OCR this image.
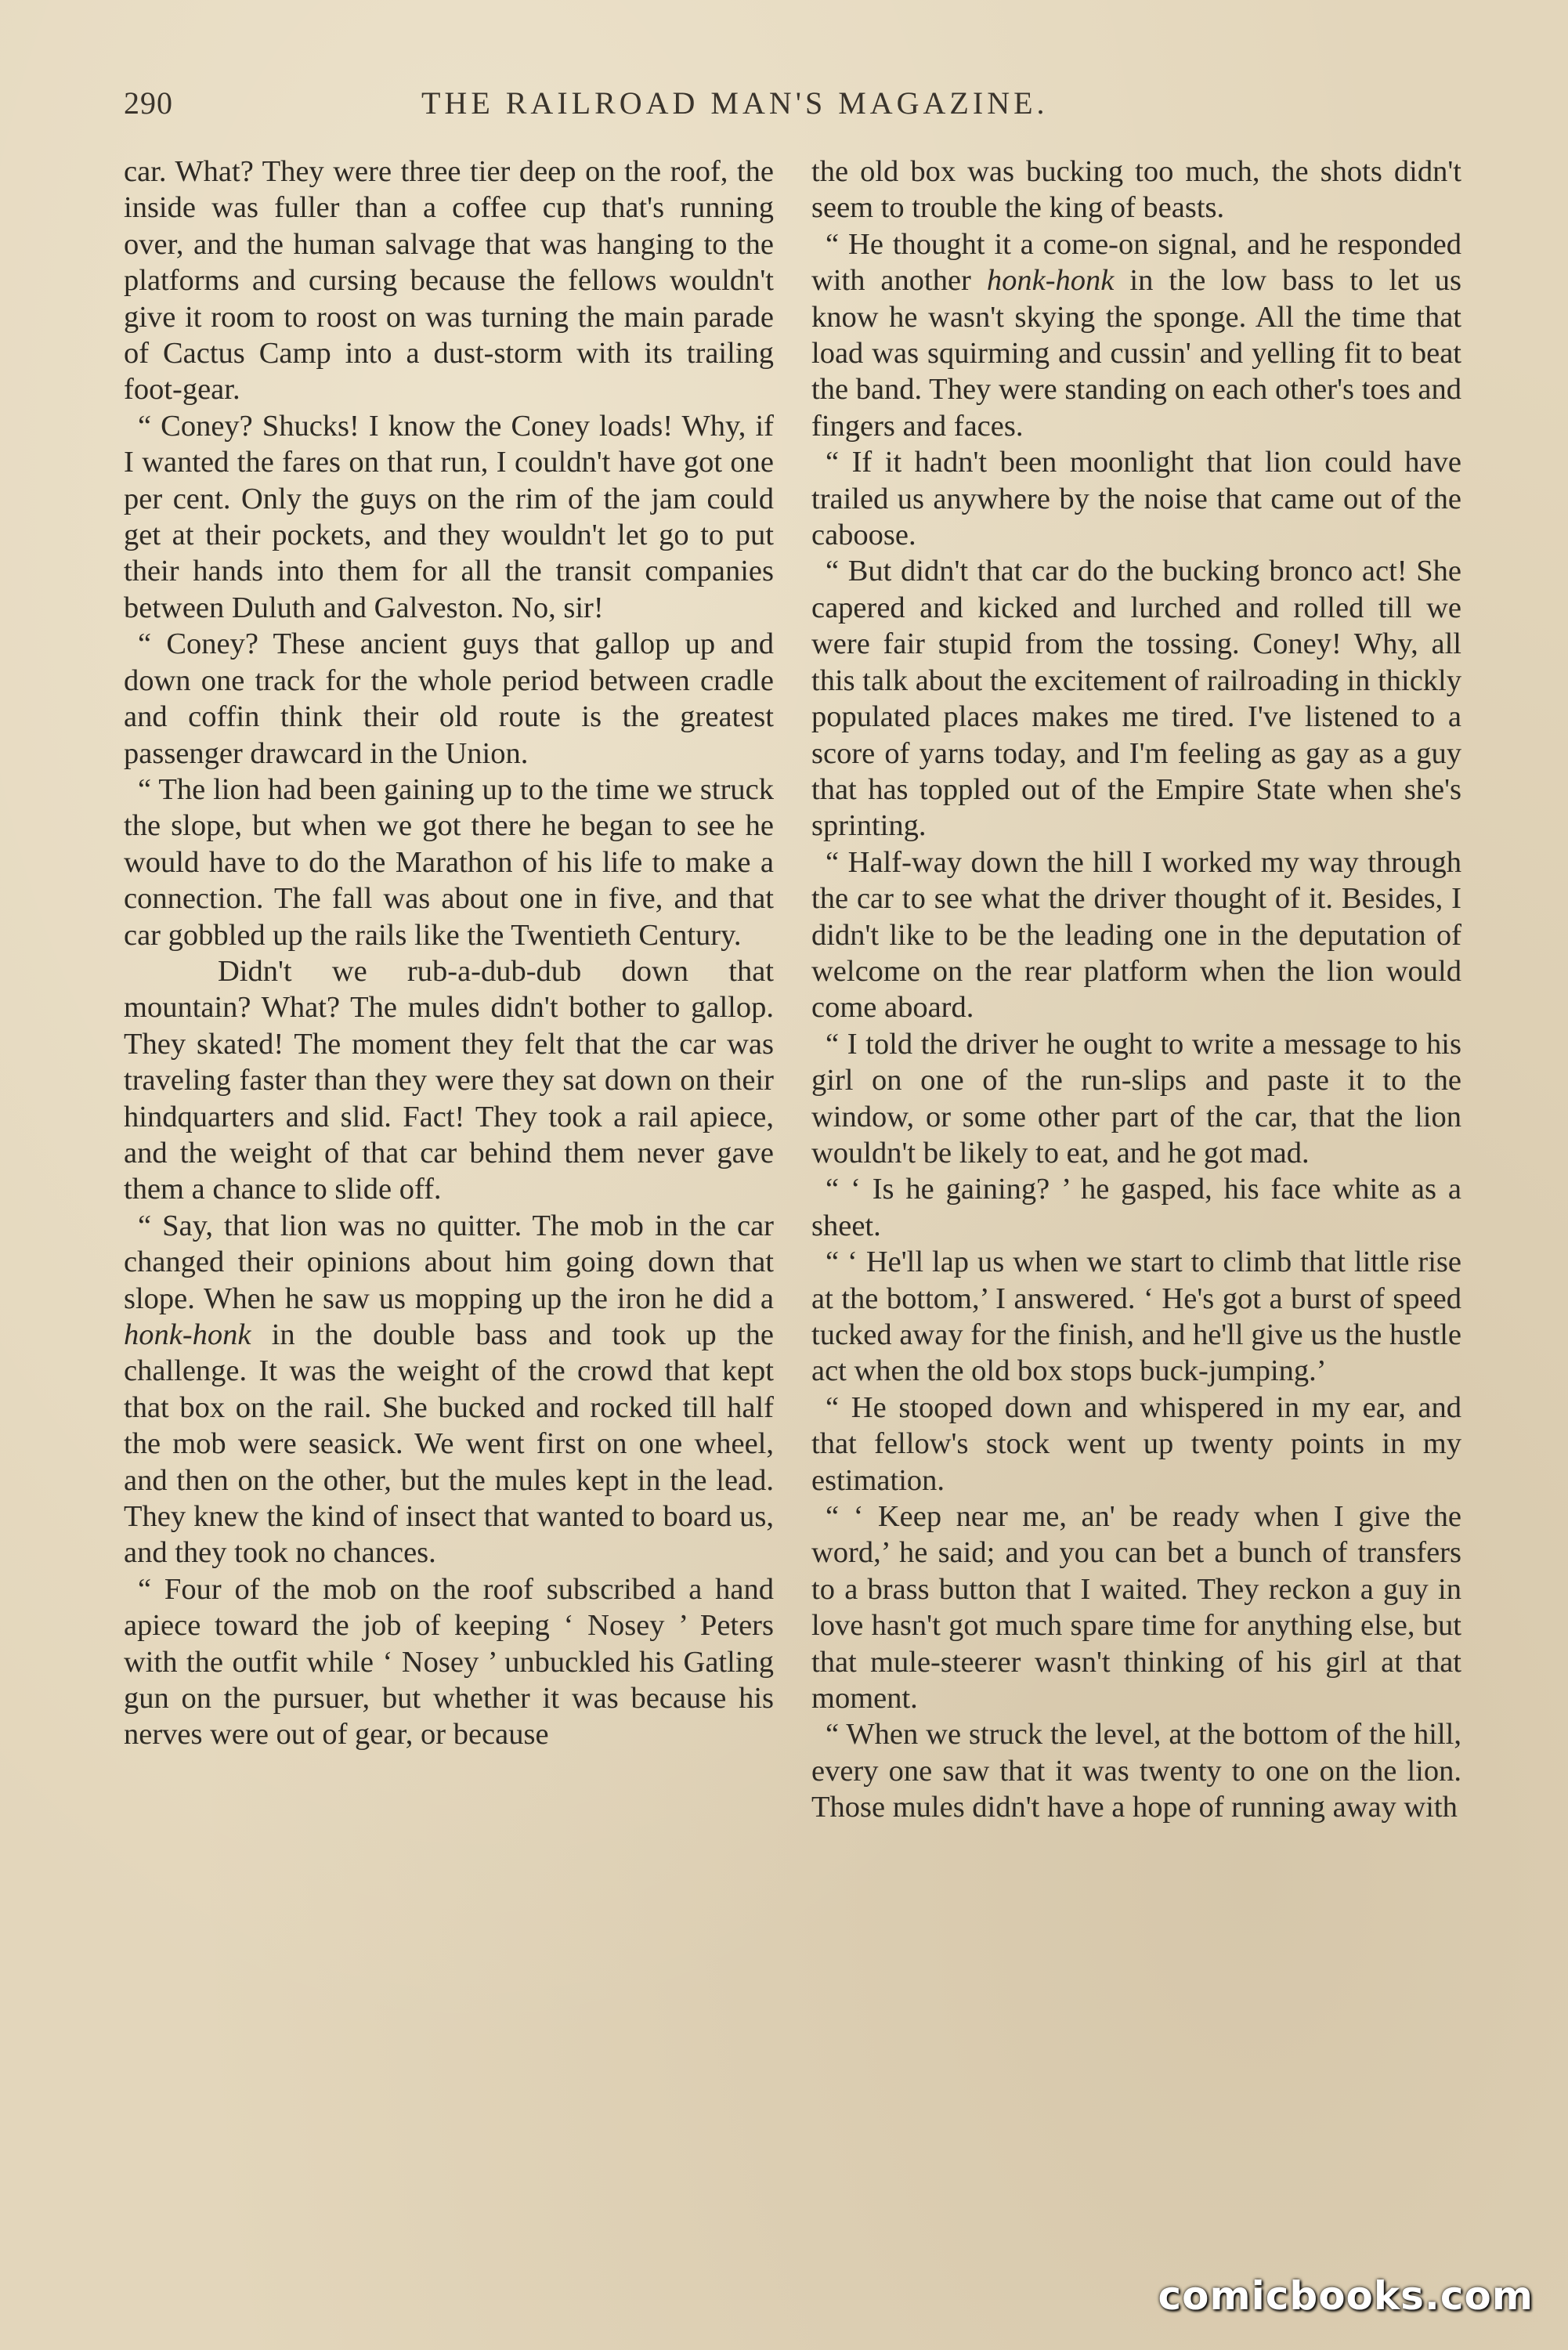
290	THE RAILROAD MAN'S MAGAZINE.

car. What? They were three tier deep on the roof, the inside was fuller than a coffee cup that's running over, and the human salvage that was hanging to the platforms and cursing because the fellows wouldn't give it room to roost on was turning the main parade of Cactus Camp into a dust-storm with its trailing foot-gear.

“ Coney? Shucks! I know the Coney loads! Why, if I wanted the fares on that run, I couldn't have got one per cent. Only the guys on the rim of the jam could get at their pockets, and they wouldn't let go to put their hands into them for all the transit companies between Duluth and Galveston. No, sir!

“ Coney? These ancient guys that gallop up and down one track for the whole period between cradle and coffin think their old route is the greatest passenger drawcard in the Union.

“ The lion had been gaining up to the time we struck the slope, but when we got there he began to see he would have to do the Marathon of his life to make a connection. The fall was about one in five, and that car gobbled up the rails like the Twentieth Century.

Didn't we rub-a-dub-dub down that mountain? What? The mules didn't bother to gallop. They skated! The moment they felt that the car was traveling faster than they were they sat down on their hindquarters and slid. Fact! They took a rail apiece, and the weight of that car behind them never gave them a chance to slide off.

“ Say, that lion was no quitter. The mob in the car changed their opinions about him going down that slope. When he saw us mopping up the iron he did a honk-honk in the double bass and took up the challenge. It was the weight of the crowd that kept that box on the rail. She bucked and rocked till half the mob were seasick. We went first on one wheel, and then on the other, but the mules kept in the lead. They knew the kind of insect that wanted to board us, and they took no chances.

“ Four of the mob on the roof subscribed a hand apiece toward the job of keeping ‘ Nosey ’ Peters with the outfit while ‘ Nosey ’ unbuckled his Gatling gun on the pursuer, but whether it was because his nerves were out of gear, or because

the old box was bucking too much, the shots didn't seem to trouble the king of beasts.

“ He thought it a come-on signal, and he responded with another honk-honk in the low bass to let us know he wasn't skying the sponge. All the time that load was squirming and cussin' and yelling fit to beat the band. They were standing on each other's toes and fingers and faces.

“ If it hadn't been moonlight that lion could have trailed us anywhere by the noise that came out of the caboose.

“ But didn't that car do the bucking bronco act! She capered and kicked and lurched and rolled till we were fair stupid from the tossing. Coney! Why, all this talk about the excitement of railroading in thickly populated places makes me tired. I've listened to a score of yarns today, and I'm feeling as gay as a guy that has toppled out of the Empire State when she's sprinting.

“ Half-way down the hill I worked my way through the car to see what the driver thought of it. Besides, I didn't like to be the leading one in the deputation of welcome on the rear platform when the lion would come aboard.

“ I told the driver he ought to write a message to his girl on one of the run-slips and paste it to the window, or some other part of the car, that the lion wouldn't be likely to eat, and he got mad.

“ ‘ Is he gaining? ’ he gasped, his face white as a sheet.

“ ‘ He'll lap us when we start to climb that little rise at the bottom,’ I answered. ‘ He's got a burst of speed tucked away for the finish, and he'll give us the hustle act when the old box stops buck-jumping.’

“ He stooped down and whispered in my ear, and that fellow's stock went up twenty points in my estimation.

“ ‘ Keep near me, an' be ready when I give the word,’ he said; and you can bet a bunch of transfers to a brass button that I waited. They reckon a guy in love hasn't got much spare time for anything else, but that mule-steerer wasn't thinking of his girl at that moment.

“ When we struck the level, at the bottom of the hill, every one saw that it was twenty to one on the lion. Those mules didn't have a hope of running away with

comicbooks.com
